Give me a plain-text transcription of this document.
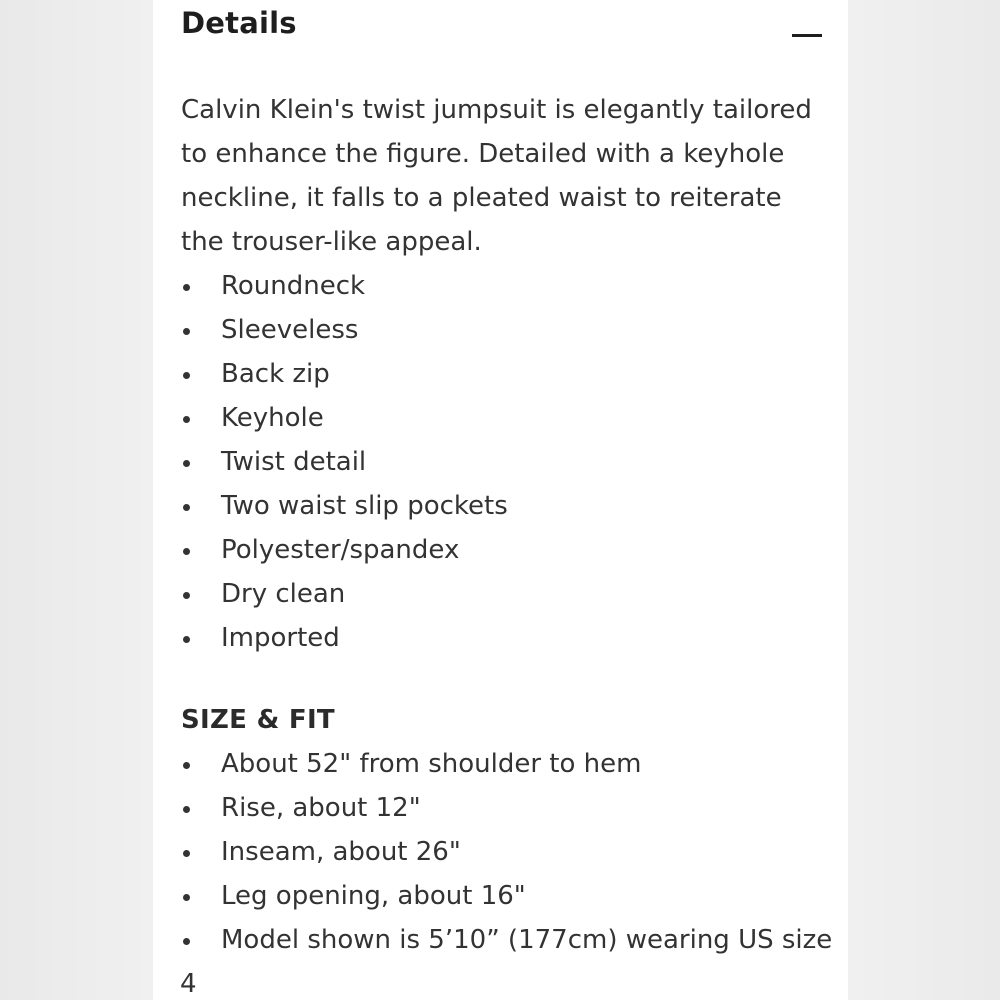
Details

Calvin Klein's twist jumpsuit is elegantly tailored to enhance the figure. Detailed with a keyhole neckline, it falls to a pleated waist to reiterate the trouser-like appeal.

Roundneck
Sleeveless
Back zip
Keyhole
Twist detail
Two waist slip pockets
Polyester/spandex
Dry clean
Imported
SIZE & FIT
About 52" from shoulder to hem
Rise, about 12"
Inseam, about 26"
Leg opening, about 16"
Model shown is 5’10” (177cm) wearing US size
4
